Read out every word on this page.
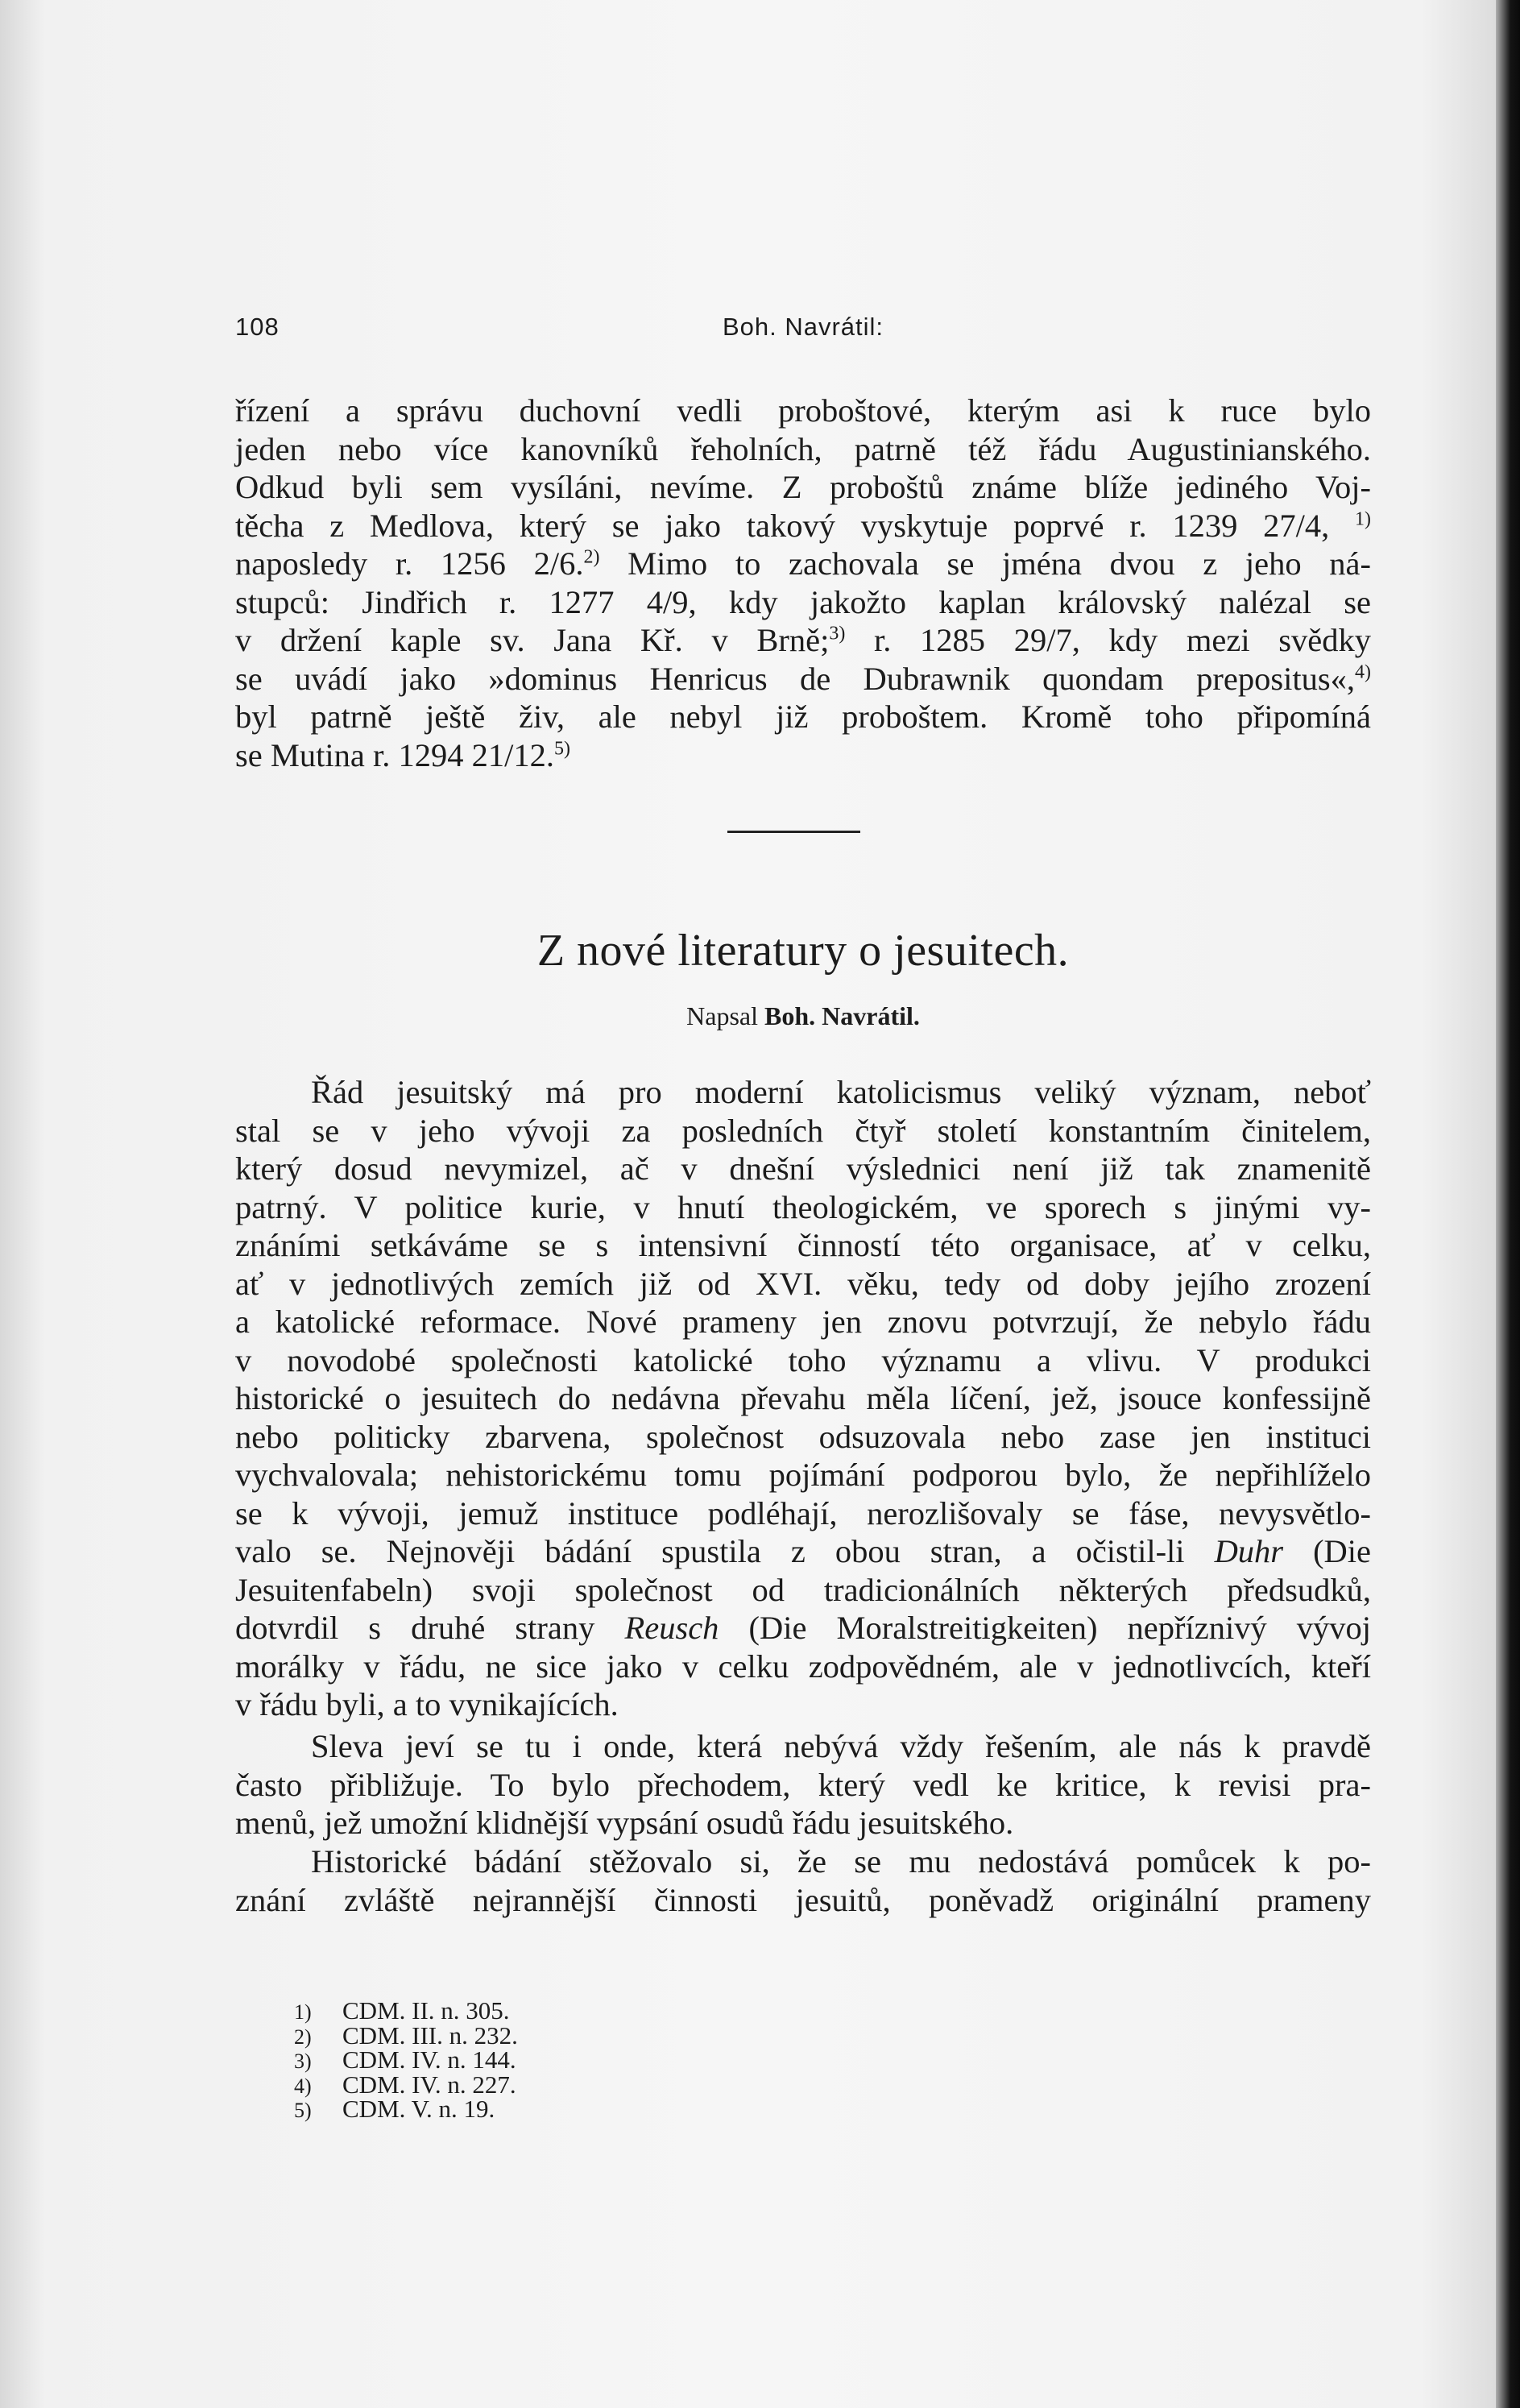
108	Boh. Navrátil:
řízení a správu duchovní vedli proboštové, kterým asi k ruce bylo
jeden nebo více kanovníků řeholních, patrně též řádu Augustinianského.
Odkud byli sem vysíláni, nevíme. Z proboštů známe blíže jediného Voj-
těcha z Medlova, který se jako takový vyskytuje poprvé r. 1239 27/4, $^{1)}$
naposledy r. 1256 2/6.$^{2)}$ Mimo to zachovala se jména dvou z jeho ná-
stupců: Jindřich r. 1277 4/9, kdy jakožto kaplan královský nalézal se
v držení kaple sv. Jana Kř. v Brně;$^{3)}$ r. 1285 29/7, kdy mezi svědky
se uvádí jako »dominus Henricus de Dubrawnik quondam prepositus«,$^{4)}$
byl patrně ještě živ, ale nebyl již proboštem. Kromě toho připomíná
se Mutina r. 1294 21/12.$^{5)}$
Z nové literatury o jesuitech.
Napsal Boh. Navrátil.
Řád jesuitský má pro moderní katolicismus veliký význam, neboť
stal se v jeho vývoji za posledních čtyř století konstantním činitelem,
který dosud nevymizel, ač v dnešní výslednici není již tak znamenitě
patrný. V politice kurie, v hnutí theologickém, ve sporech s jinými vy-
znáními setkáváme se s intensivní činností této organisace, ať v celku,
ať v jednotlivých zemích již od XVI. věku, tedy od doby jejího zrození
a katolické reformace. Nové prameny jen znovu potvrzují, že nebylo řádu
v novodobé společnosti katolické toho významu a vlivu. V produkci
historické o jesuitech do nedávna převahu měla líčení, jež, jsouce konfessijně
nebo politicky zbarvena, společnost odsuzovala nebo zase jen instituci
vychvalovala; nehistorickému tomu pojímání podporou bylo, že nepřihlíželo
se k vývoji, jemuž instituce podléhají, nerozlišovaly se fáse, nevysvětlo-
valo se. Nejnověji bádání spustila z obou stran, a očistil-li Duhr (Die
Jesuitenfabeln) svoji společnost od tradicionálních některých předsudků,
dotvrdil s druhé strany Reusch (Die Moralstreitigkeiten) nepříznivý vývoj
morálky v řádu, ne sice jako v celku zodpovědném, ale v jednotlivcích, kteří
v řádu byli, a to vynikajících.
Sleva jeví se tu i onde, která nebývá vždy řešením, ale nás k pravdě
často přibližuje. To bylo přechodem, který vedl ke kritice, k revisi pra-
menů, jež umožní klidnější vypsání osudů řádu jesuitského.
Historické bádání stěžovalo si, že se mu nedostává pomůcek k po-
znání zvláště nejrannější činnosti jesuitů, poněvadž originální prameny
1) CDM. II. n. 305.
2) CDM. III. n. 232.
3) CDM. IV. n. 144.
4) CDM. IV. n. 227.
5) CDM. V. n. 19.
